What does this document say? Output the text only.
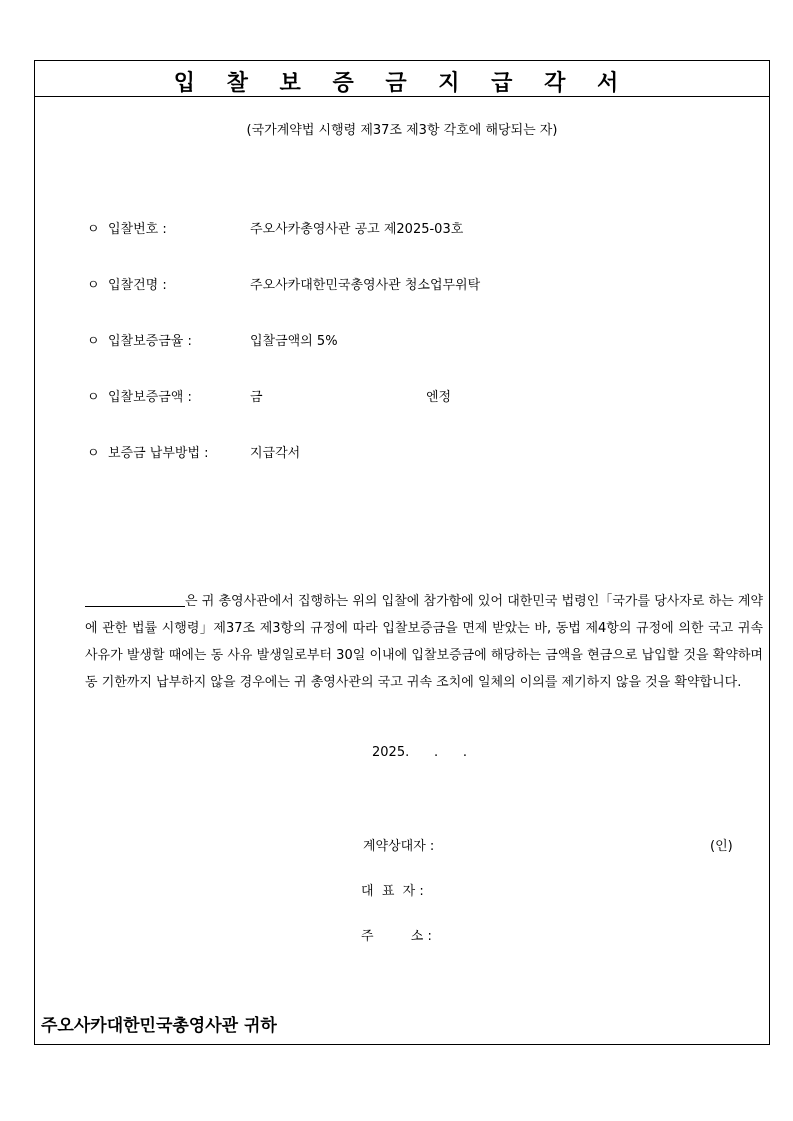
입 찰 보 증 금 지 급 각 서
(국가계약법 시행령 제37조 제3항 각호에 해당되는 자)
ㅇ 입찰번호 :	주오사카총영사관 공고 제2025-03호
ㅇ 입찰건명 :	주오사카대한민국총영사관 청소업무위탁
ㅇ 입찰보증금율 :	입찰금액의 5%
ㅇ 입찰보증금액 :	금	엔정
ㅇ 보증금 납부방법 :	지급각서
은 귀 총영사관에서 집행하는 위의 입찰에 참가함에 있어 대한민국 법령인「국가를 당사자로 하는 계약에 관한 법률 시행령」제37조 제3항의 규정에 따라 입찰보증금을 면제 받았는 바, 동법 제4항의 규정에 의한 국고 귀속사유가 발생할 때에는 동 사유 발생일로부터 30일 이내에 입찰보증금에 해당하는 금액을 현금으로 납입할 것을 확약하며 동 기한까지 납부하지 않을 경우에는 귀 총영사관의 국고 귀속 조치에 일체의 이의를 제기하지 않을 것을 확약합니다.
2025.      .      .
계약상대자 :	(인)
대  표  자 :
주         소 :
주오사카대한민국총영사관 귀하
